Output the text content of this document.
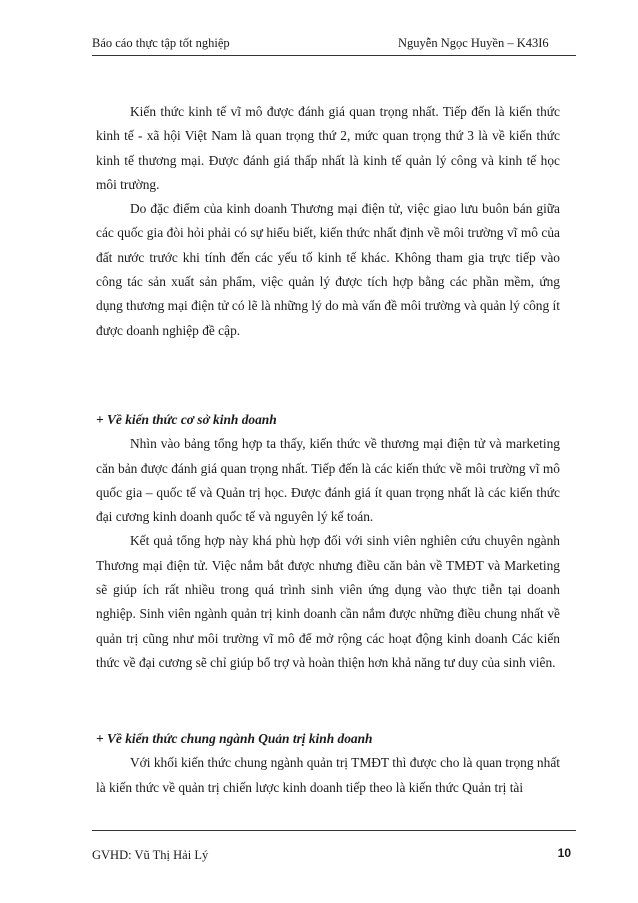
Báo cáo thực tập tốt nghiệp	Nguyễn Ngọc Huyền – K43I6

Kiến thức kinh tế vĩ mô được đánh giá quan trọng nhất. Tiếp đến là kiến thức kinh tế - xã hội Việt Nam là quan trọng thứ 2, mức quan trọng thứ 3 là về kiến thức kinh tế thương mại. Được đánh giá thấp nhất là kinh tế quản lý công và kinh tế học môi trường.

Do đặc điểm của kinh doanh Thương mại điện tử, việc giao lưu buôn bán giữa các quốc gia đòi hỏi phải có sự hiểu biết, kiến thức nhất định về môi trường vĩ mô của đất nước trước khi tính đến các yếu tố kinh tế khác. Không tham gia trực tiếp vào công tác sản xuất sản phẩm, việc quản lý được tích hợp bằng các phần mềm, ứng dụng thương mại điện tử có lẽ là những lý do mà vấn đề môi trường và quản lý công ít được doanh nghiệp đề cập.

+ Về kiến thức cơ sở kinh doanh

Nhìn vào bảng tổng hợp ta thấy, kiến thức về thương mại điện tử và marketing căn bản được đánh giá quan trọng nhất. Tiếp đến là các kiến thức về môi trường vĩ mô quốc gia – quốc tế và Quản trị học. Được đánh giá ít quan trọng nhất là các kiến thức đại cương kinh doanh quốc tế và nguyên lý kế toán.

Kết quả tổng hợp này khá phù hợp đối với sinh viên nghiên cứu chuyên ngành Thương mại điện tử. Việc nắm bắt được nhưng điều căn bản về TMĐT và Marketing sẽ giúp ích rất nhiều trong quá trình sinh viên ứng dụng vào thực tiễn tại doanh nghiệp. Sinh viên ngành quản trị kinh doanh cần nắm được những điều chung nhất về quản trị cũng như môi trường vĩ mô để mở rộng các hoạt động kinh doanh Các kiến thức về đại cương sẽ chỉ giúp bổ trợ và hoàn thiện hơn khả năng tư duy của sinh viên.

+ Về kiến thức chung ngành Quản trị kinh doanh

Với khối kiến thức chung ngành quản trị TMĐT thì được cho là quan trọng nhất là kiến thức về quản trị chiến lược kinh doanh tiếp theo là kiến thức Quản trị tài

GVHD: Vũ Thị Hải Lý	10
